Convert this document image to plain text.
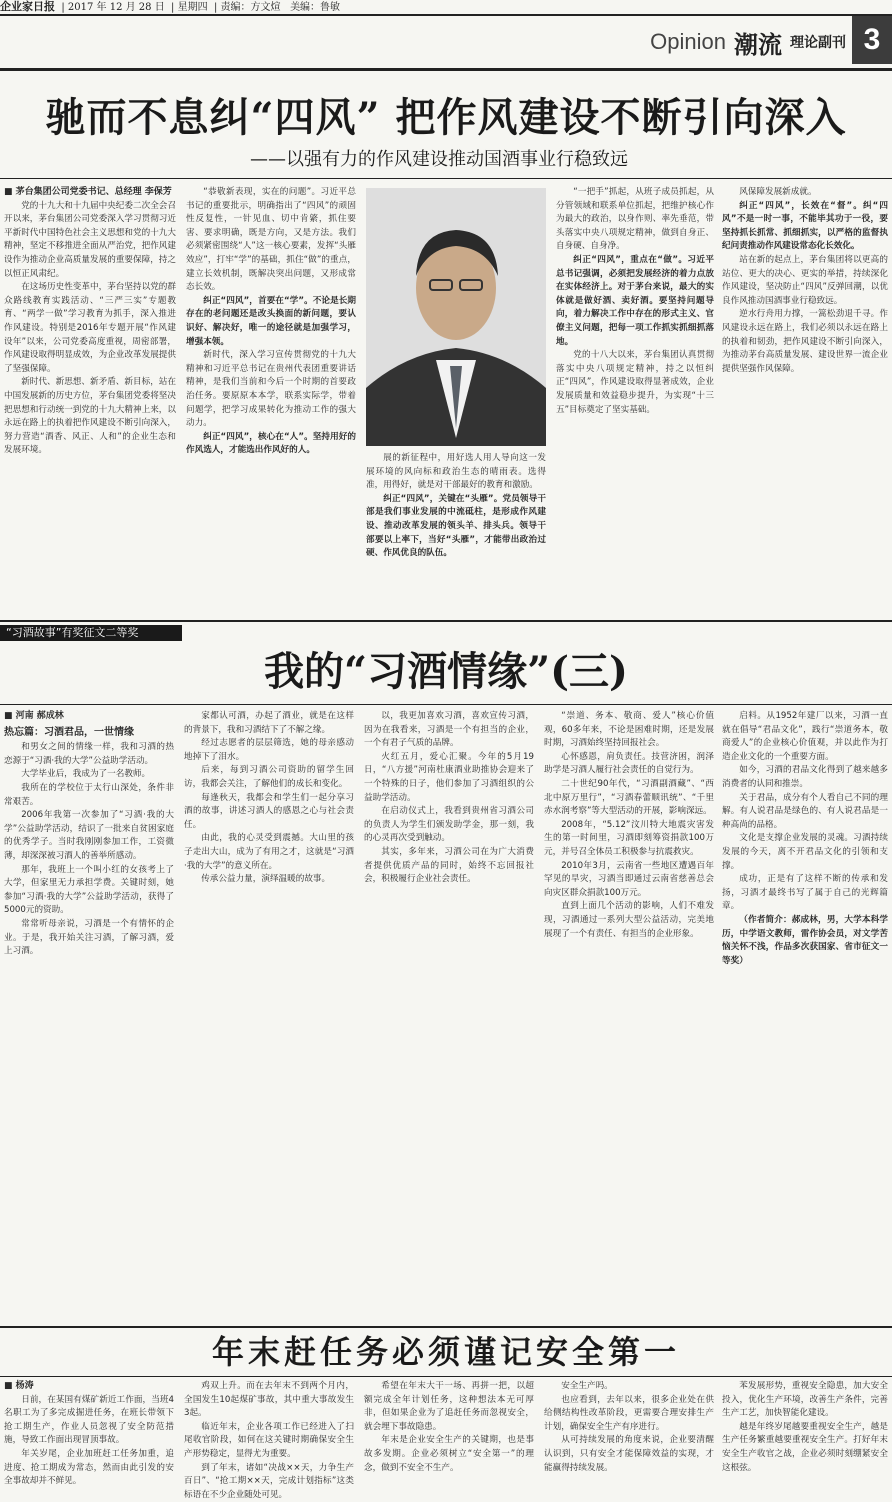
企业家日报  | 2017 年 12 月 28 日  | 星期四  | 责编：方文煊 美编：鲁敏
Opinion 潮流 理论副刊 3
驰而不息纠“四风” 把作风建设不断引向深入
——以强有力的作风建设推动国酒事业行稳致远
■ 茅台集团公司党委书记、总经理 李保芳

党的十九大和十九届中央纪委二次全会召开以来，茅台集团公司党委深入学习贯彻习近平新时代中国特色社会主义思想和党的十九大精神，坚定不移推进全面从严治党，把作风建设作为推动企业高质量发展的重要保障，持之以恒正风肃纪。

在这场历史性变革中，茅台坚持以党的群众路线教育实践活动、“三严三实”专题教育、“两学一做”学习教育为抓手，深入推进作风建设。特别是2016年专题开展“作风建设年”以来，公司党委高度重视，周密部署，作风建设取得明显成效，为企业改革发展提供了坚强保障。

新时代、新思想、新矛盾、新目标，站在中国发展新的历史方位，茅台集团党委将坚决把思想和行动统一到党的十九大精神上来，以永远在路上的执着把作风建设不断引向深入，努力营造“酒香、风正、人和”的企业生态和发展环境。

“恭敬新表现，实在的问题”。习近平总书记的重要批示，明确指出了“四风”的顽固性反复性，一针见血、切中肯綮，抓住要害、要求明确，既是方向，又是方法。我们必须紧密围绕“人”这一核心要素，发挥“头雁效应”，打牢“学”的基础，抓住“做”的重点，建立长效机制，既解决突出问题，又形成常态长效。

纠正“四风”，首要在“学”。不论是长期存在的老问题还是改头换面的新问题，要认识好、解决好，唯一的途径就是加强学习，增强本领。

新时代，深入学习宣传贯彻党的十九大精神和习近平总书记在贵州代表团重要讲话精神，是我们当前和今后一个时期的首要政治任务。要原原本本学，联系实际学，带着问题学，把学习成果转化为推动工作的强大动力。

纠正“四风”，核心在“人”。坚持用好的作风选人，才能选出作风好的人。

展的新征程中，用好选人用人导向这一发展环境的风向标和政治生态的晴雨表。选得准，用得好，就是对干部最好的教育和激励。

纠正“四风”，关键在“头雁”。党员领导干部是我们事业发展的中流砥柱，是形成作风建设、推动改革发展的领头羊、排头兵。领导干部要以上率下，当好“头雁”，才能带出政治过硬、作风优良的队伍。

“一把手”抓起，从班子成员抓起，从分管领域和联系单位抓起，把维护核心作为最大的政治，以身作则、率先垂范，带头落实中央八项规定精神，做到自身正、自身硬、自身净。

纠正“四风”，重点在“做”。习近平总书记强调，必须把发展经济的着力点放在实体经济上。对于茅台来说，最大的实体就是做好酒、卖好酒。要坚持问题导向，着力解决工作中存在的形式主义、官僚主义问题，把每一项工作抓实抓细抓落地。

党的十八大以来，茅台集团认真贯彻落实中央八项规定精神，持之以恒纠正“四风”，作风建设取得显著成效，企业发展质量和效益稳步提升，为实现“十三五”目标奠定了坚实基础。

风保障发展新成就。

纠正“四风”，长效在“督”。纠“四风”不是一时一事，不能毕其功于一役，要坚持抓长抓常、抓细抓实，以严格的监督执纪问责推动作风建设常态化长效化。

站在新的起点上，茅台集团将以更高的站位、更大的决心、更实的举措，持续深化作风建设，坚决防止“四风”反弹回潮，以优良作风推动国酒事业行稳致远。

逆水行舟用力撑，一篙松劲退千寻。作风建设永远在路上，我们必须以永远在路上的执着和韧劲，把作风建设不断引向深入，为推动茅台高质量发展、建设世界一流企业提供坚强作风保障。

“习酒故事”有奖征文二等奖
我的“习酒情缘”(三)
■ 河南 郝成林

热忘篇：习酒君品，一世情缘

和男女之间的情缘一样，我和习酒的热恋源于“习酒·我的大学”公益助学活动。

大学毕业后，我成为了一名教师。

我所在的学校位于太行山深处，条件非常艰苦。

2006年我第一次参加了“习酒·我的大学”公益助学活动，结识了一批来自贫困家庭的优秀学子。当时我刚刚参加工作，工资微薄，却深深被习酒人的善举所感动。

那年，我班上一个叫小红的女孩考上了大学，但家里无力承担学费。关键时刻，她参加“习酒·我的大学”公益助学活动，获得了5000元的资助。

常常听母亲说，习酒是一个有情怀的企业。于是，我开始关注习酒，了解习酒，爱上习酒。

家都认可酒，办起了酒业，就是在这样的背景下，我和习酒结下了不解之缘。

经过志愿者的层层筛选，她的母亲感动地掉下了泪水。

后来，每到习酒公司资助的留学生回访，我都会关注，了解他们的成长和变化。

每逢秋天，我都会和学生们一起分享习酒的故事，讲述习酒人的感恩之心与社会责任。

由此，我的心灵受到震撼。大山里的孩子走出大山，成为了有用之才，这就是“习酒·我的大学”的意义所在。

传承公益力量，演绎温暖的故事。

以，我更加喜欢习酒，喜欢宣传习酒，因为在我看来，习酒是一个有担当的企业，一个有君子气质的品牌。

火红五月，爱心汇聚。今年的5月19日，“八方援”河南杜康酒业助推协会迎来了一个特殊的日子，他们参加了习酒组织的公益助学活动。

在启动仪式上，我看到贵州省习酒公司的负责人为学生们颁发助学金，那一刻，我的心灵再次受到触动。

其实，多年来，习酒公司在为广大消费者提供优质产品的同时，始终不忘回报社会，积极履行企业社会责任。

“崇道、务本、敬商、爱人”核心价值观，60多年来，不论是困难时期，还是发展时期，习酒始终坚持回报社会。

心怀感恩，肩负责任。技营济困，润泽助学是习酒人履行社会责任的自觉行为。

二十世纪90年代，“习酒副酒藏”、“西北中原万里行”，“习酒春蕾顺讯统”、“千里赤水润考察”等大型活动的开展，影响深远。

2008年，“5.12”汶川特大地震灾害发生的第一时间里，习酒即刻筹资捐款100万元，并号召全体员工积极参与抗震救灾。

2010年3月，云南省一些地区遭遇百年罕见的旱灾，习酒当即通过云南省慈善总会向灾区群众捐款100万元。

直到上面几个活动的影响，人们不难发现，习酒通过一系列大型公益活动，完美地展现了一个有责任、有担当的企业形象。

启料。从1952年建厂以来，习酒一直就在倡导“君品文化”，践行“崇道务本，敬商爱人”的企业核心价值观，并以此作为打造企业文化的一个重要方面。

如今，习酒的君品文化得到了越来越多消费者的认同和推崇。

关于君品，成分有个人看自己不同的理解。有人说君品是绿色的、有人说君品是一种高尚的品格。

文化是支撑企业发展的灵魂。习酒持续发展的今天，离不开君品文化的引领和支撑。

成功，正是有了这样不断的传承和发扬，习酒才最终书写了属于自己的光辉篇章。

（作者简介：郝成林，男，大学本科学历，中学语文教师，雷作协会员，对文学苦恼关怀不浅，作品多次获国家、省市征文一等奖）

年末赶任务必须谨记安全第一
■ 杨涛

日前，在某国有煤矿新近工作面，当班4名职工为了多完成掘进任务，在班长带领下抢工期生产，作业人员忽视了安全防范措施，导致工作面出现冒顶事故。

年关岁尾，企业加班赶工任务加重，追进度、抢工期成为常态，然而由此引发的安全事故却并不鲜见。

鸡双上升。而在去年末不到两个月内，全国发生10起煤矿事故，其中重大事故发生3起。

临近年末，企业各项工作已经进入了扫尾收官阶段，如何在这关键时期确保安全生产形势稳定，显得尤为重要。

到了年末，诸如“决战××天，力争生产百日”、“抢工期××天，完成计划指标”这类标语在不少企业随处可见。

希望在年末大干一场、再拼一把，以超额完成全年计划任务，这种想法本无可厚非，但如果企业为了追赶任务而忽视安全，就会埋下事故隐患。

年末是企业安全生产的关键期，也是事故多发期。企业必须树立“安全第一”的理念，做到不安全不生产。

安全生产吗。

也应看到，去年以来，很多企业处在供给侧结构性改革阶段，更需要合理安排生产计划，确保安全生产有序进行。

从可持续发展的角度来说，企业要清醒认识到，只有安全才能保障效益的实现，才能赢得持续发展。

苯发展形势，重视安全隐患，加大安全投入，优化生产环境，改善生产条件，完善生产工艺，加快智能化建设。

越是年终岁尾越要重视安全生产，越是生产任务繁重越要重视安全生产。打好年末安全生产收官之战，企业必须时刻绷紧安全这根弦。
